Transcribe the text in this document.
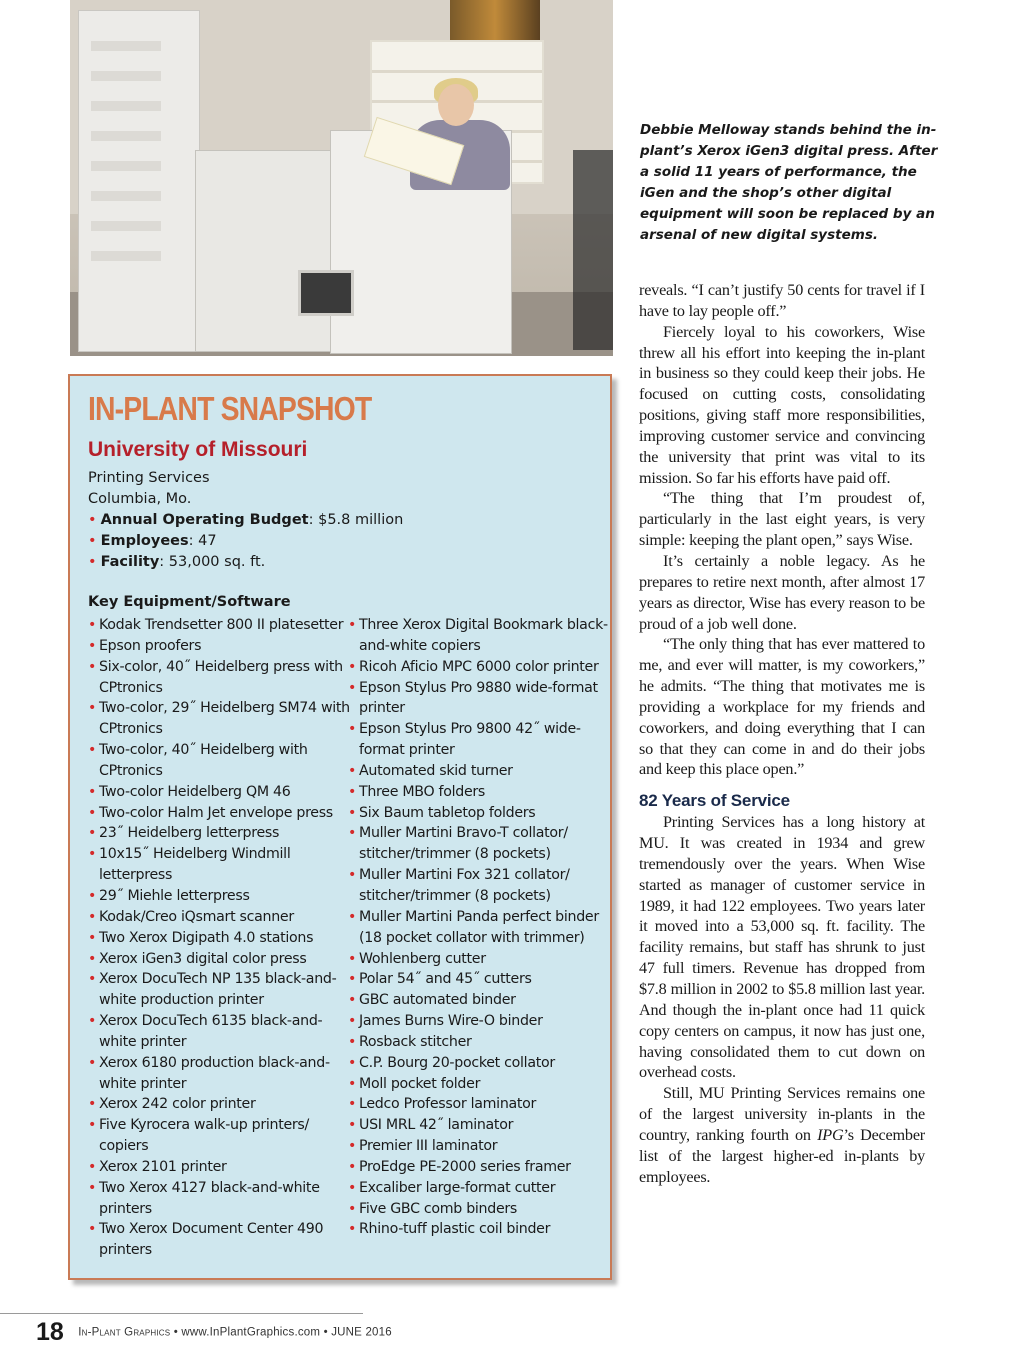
Debbie Melloway stands behind the in-plant’s Xerox iGen3 digital press. After a solid 11 years of performance, the iGen and the shop’s other digital equipment will soon be replaced by an arsenal of new digital systems.

IN-PLANT SNAPSHOT
University of Missouri
Printing Services
Columbia, Mo.
• Annual Operating Budget: $5.8 million
• Employees: 47
• Facility: 53,000 sq. ft.
Key Equipment/Software
• Kodak Trendsetter 800 II platesetter
• Epson proofers
• Six-color, 40˝ Heidelberg press with CPtronics
• Two-color, 29˝ Heidelberg SM74 with CPtronics
• Two-color, 40˝ Heidelberg with CPtronics
• Two-color Heidelberg QM 46
• Two-color Halm Jet envelope press
• 23˝ Heidelberg letterpress
• 10x15˝ Heidelberg Windmill letterpress
• 29˝ Miehle letterpress
• Kodak/Creo iQsmart scanner
• Two Xerox Digipath 4.0 stations
• Xerox iGen3 digital color press
• Xerox DocuTech NP 135 black-and-white production printer
• Xerox DocuTech 6135 black-and-white printer
• Xerox 6180 production black-and-white printer
• Xerox 242 color printer
• Five Kyrocera walk-up printers/ copiers
• Xerox 2101 printer
• Two Xerox 4127 black-and-white printers
• Two Xerox Document Center 490 printers
• Three Xerox Digital Bookmark black-and-white copiers
• Ricoh Aficio MPC 6000 color printer
• Epson Stylus Pro 9880 wide-format printer
• Epson Stylus Pro 9800 42˝ wide-format printer
• Automated skid turner
• Three MBO folders
• Six Baum tabletop folders
• Muller Martini Bravo-T collator/ stitcher/trimmer (8 pockets)
• Muller Martini Fox 321 collator/ stitcher/trimmer (8 pockets)
• Muller Martini Panda perfect binder (18 pocket collator with trimmer)
• Wohlenberg cutter
• Polar 54˝ and 45˝ cutters
• GBC automated binder
• James Burns Wire-O binder
• Rosback stitcher
• C.P. Bourg 20-pocket collator
• Moll pocket folder
• Ledco Professor laminator
• USI MRL 42˝ laminator
• Premier III laminator
• ProEdge PE-2000 series framer
• Excaliber large-format cutter
• Five GBC comb binders
• Rhino-tuff plastic coil binder

reveals. “I can’t justify 50 cents for travel if I have to lay people off.”

Fiercely loyal to his coworkers, Wise threw all his effort into keeping the in-plant in business so they could keep their jobs. He focused on cutting costs, consolidating positions, giving staff more responsibilities, improving customer service and convincing the university that print was vital to its mission. So far his efforts have paid off.

“The thing that I’m proudest of, particularly in the last eight years, is very simple: keeping the plant open,” says Wise.

It’s certainly a noble legacy. As he prepares to retire next month, after almost 17 years as director, Wise has every reason to be proud of a job well done.

“The only thing that has ever mattered to me, and ever will matter, is my coworkers,” he admits. “The thing that motivates me is providing a workplace for my friends and coworkers, and doing everything that I can so that they can come in and do their jobs and keep this place open.”

82 Years of Service

Printing Services has a long history at MU. It was created in 1934 and grew tremendously over the years. When Wise started as manager of customer service in 1989, it had 122 employees. Two years later it moved into a 53,000 sq. ft. facility. The facility remains, but staff has shrunk to just 47 full timers. Revenue has dropped from $7.8 million in 2002 to $5.8 million last year. And though the in-plant once had 11 quick copy centers on campus, it now has just one, having consolidated them to cut down on overhead costs.

Still, MU Printing Services remains one of the largest university in-plants in the country, ranking fourth on IPG’s December list of the largest higher-ed in-plants by employees.

18 In-Plant Graphics • www.InPlantGraphics.com • JUNE 2016
